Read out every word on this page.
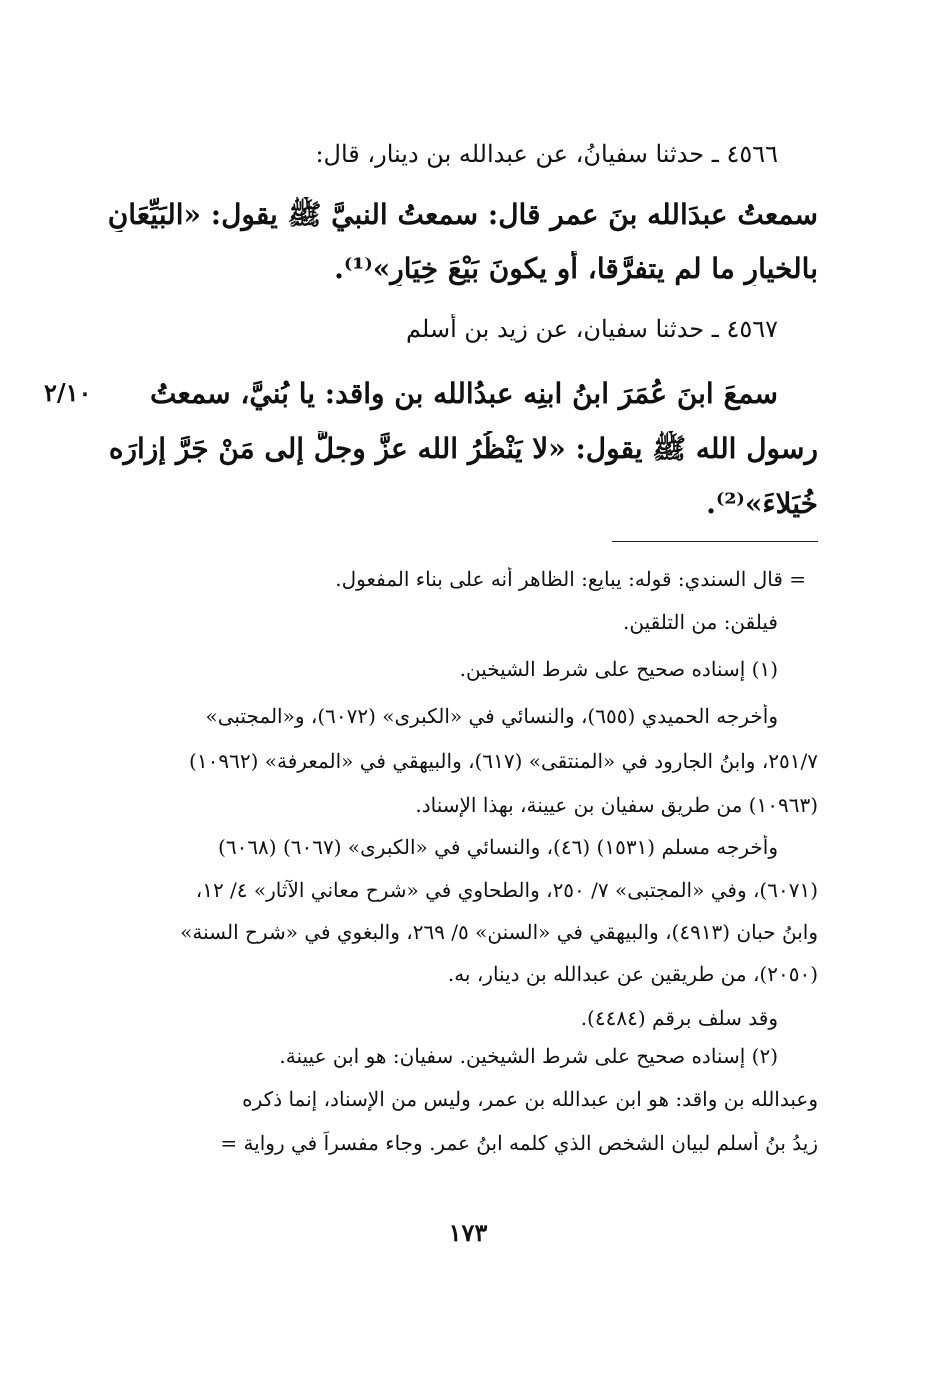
٤٥٦٦ ـ حدثنا سفيانُ، عن عبدالله بن دينار، قال:
سمعتُ عبدَالله بنَ عمر قال: سمعتُ النبيَّ ﷺ يقول: «البَيِّعَانِ
بالخيارِ ما لم يتفرَّقا، أو يكونَ بَيْعَ خِيَارٍ»⁽¹⁾.
٤٥٦٧ ـ حدثنا سفيان، عن زيد بنِ أسلم
سمعَ ابنَ عُمَرَ ابنُ ابنِه عبدُالله بن واقد: يا بُنيَّ، سمعتُ
رسول الله ﷺ يقول: «لا يَنْظُرُ الله عزَّ وجلَّ إلى مَنْ جَرَّ إزارَه
خُيَلاءَ»⁽²⁾.
٢/١٠
= قال السندي: قوله: يبايع: الظاهر أنه على بناء المفعول.
فيلقن: من التلقين.
(١) إسناده صحيح على شرط الشيخين.
وأخرجه الحميدي (٦٥٥)، والنسائي في «الكبرى» (٦٠٧٢)، و«المجتبى»
٢٥١/٧، وابنُ الجارود في «المنتقى» (٦١٧)، والبيهقي في «المعرفة» (١٠٩٦٢)
(١٠٩٦٣) من طريق سفيان بن عيينة، بهذا الإسناد.
وأخرجه مسلم (١٥٣١) (٤٦)، والنسائي في «الكبرى» (٦٠٦٧) (٦٠٦٨)
(٦٠٧١)، وفي «المجتبى» ٧/ ٢٥٠، والطحاوي في «شرح معاني الآثار» ٤/ ١٢،
وابنُ حبان (٤٩١٣)، والبيهقي في «السنن» ٥/ ٢٦٩، والبغوي في «شرح السنة»
(٢٠٥٠)، من طريقين عن عبدالله بن دينار، به.
وقد سلف برقم (٤٤٨٤).
(٢) إسناده صحيح على شرط الشيخين. سفيان: هو ابن عيينة.
وعبدالله بن واقد: هو ابن عبدالله بن عمر، وليس من الإسناد، إنما ذكره
زيدُ بنُ أسلم لبيان الشخص الذي كلمه ابنُ عمر. وجاء مفسراً في رواية =
١٧٣
